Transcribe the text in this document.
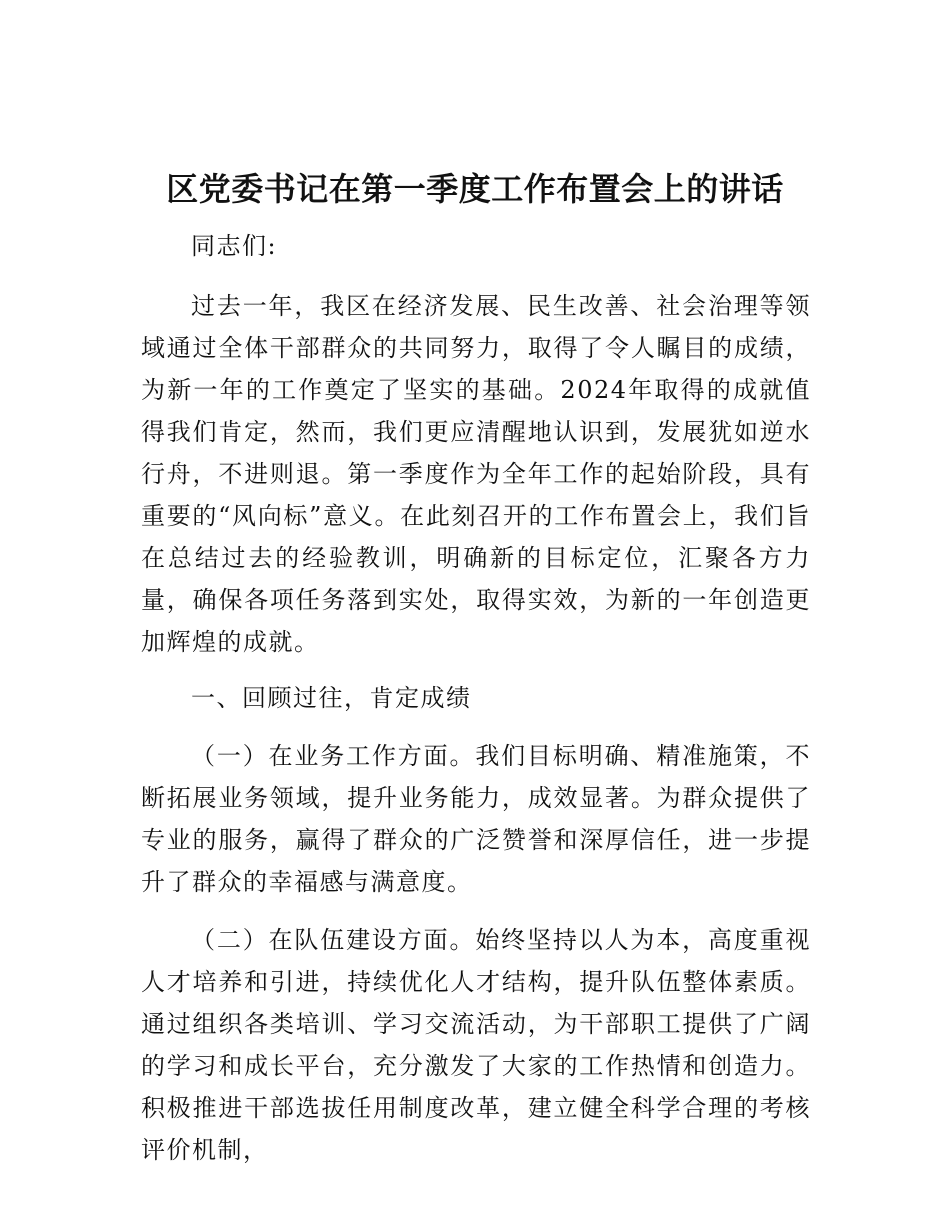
区党委书记在第一季度工作布置会上的讲话

同志们:

过去一年，我区在经济发展、民生改善、社会治理等领域通过全体干部群众的共同努力，取得了令人瞩目的成绩，为新一年的工作奠定了坚实的基础。2024年取得的成就值得我们肯定，然而，我们更应清醒地认识到，发展犹如逆水行舟，不进则退。第一季度作为全年工作的起始阶段，具有重要的“风向标”意义。在此刻召开的工作布置会上，我们旨在总结过去的经验教训，明确新的目标定位，汇聚各方力量，确保各项任务落到实处，取得实效，为新的一年创造更加辉煌的成就。

一、回顾过往，肯定成绩

（一）在业务工作方面。我们目标明确、精准施策，不断拓展业务领域，提升业务能力，成效显著。为群众提供了专业的服务，赢得了群众的广泛赞誉和深厚信任，进一步提升了群众的幸福感与满意度。

（二）在队伍建设方面。始终坚持以人为本，高度重视人才培养和引进，持续优化人才结构，提升队伍整体素质。通过组织各类培训、学习交流活动，为干部职工提供了广阔的学习和成长平台，充分激发了大家的工作热情和创造力。积极推进干部选拔任用制度改革，建立健全科学合理的考核评价机制，
